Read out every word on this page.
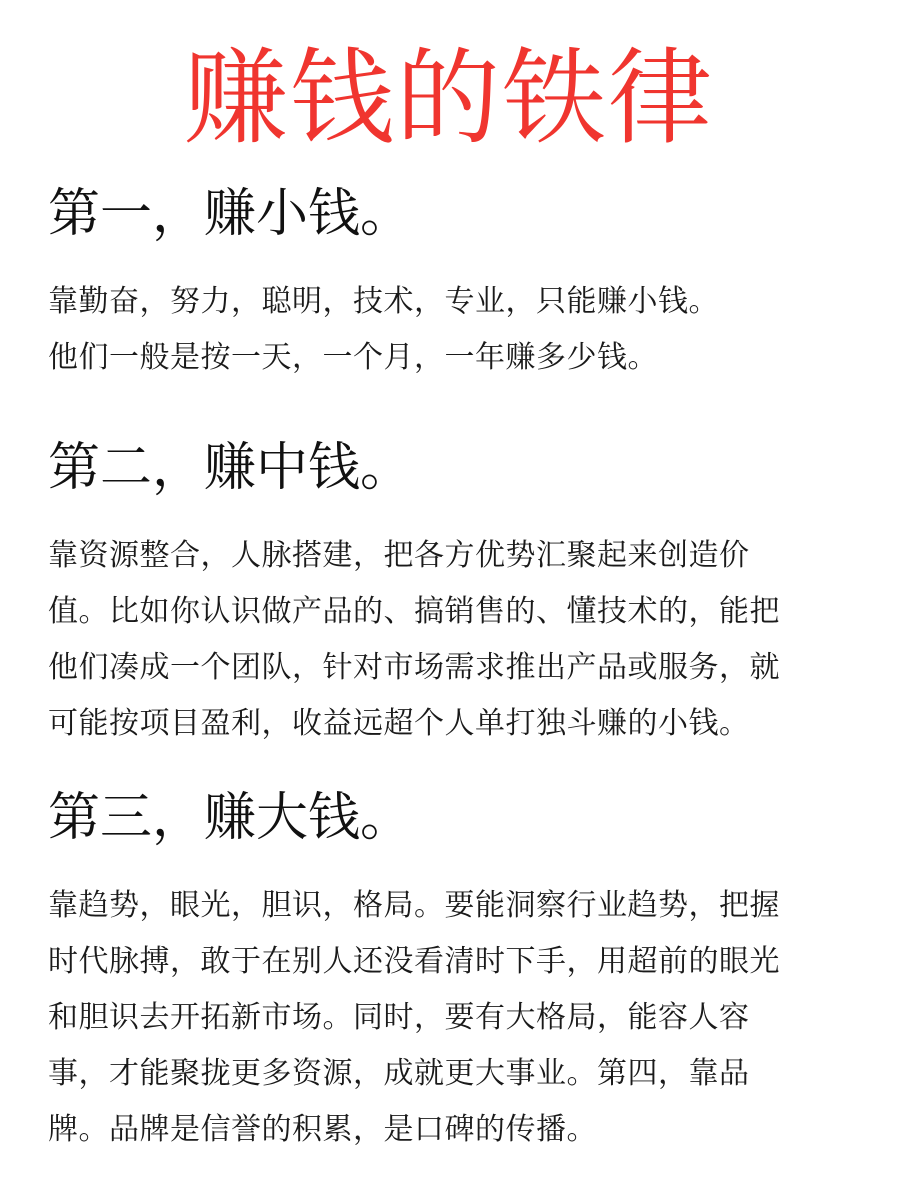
赚钱的铁律
第一，赚小钱。
靠勤奋，努力，聪明，技术，专业，只能赚小钱。
他们一般是按一天，一个月，一年赚多少钱。
第二，赚中钱。
靠资源整合，人脉搭建，把各方优势汇聚起来创造价
值。比如你认识做产品的、搞销售的、懂技术的，能把
他们凑成一个团队，针对市场需求推出产品或服务，就
可能按项目盈利，收益远超个人单打独斗赚的小钱。
第三，赚大钱。
靠趋势，眼光，胆识，格局。要能洞察行业趋势，把握
时代脉搏，敢于在别人还没看清时下手，用超前的眼光
和胆识去开拓新市场。同时，要有大格局，能容人容
事，才能聚拢更多资源，成就更大事业。第四，靠品
牌。品牌是信誉的积累，是口碑的传播。
